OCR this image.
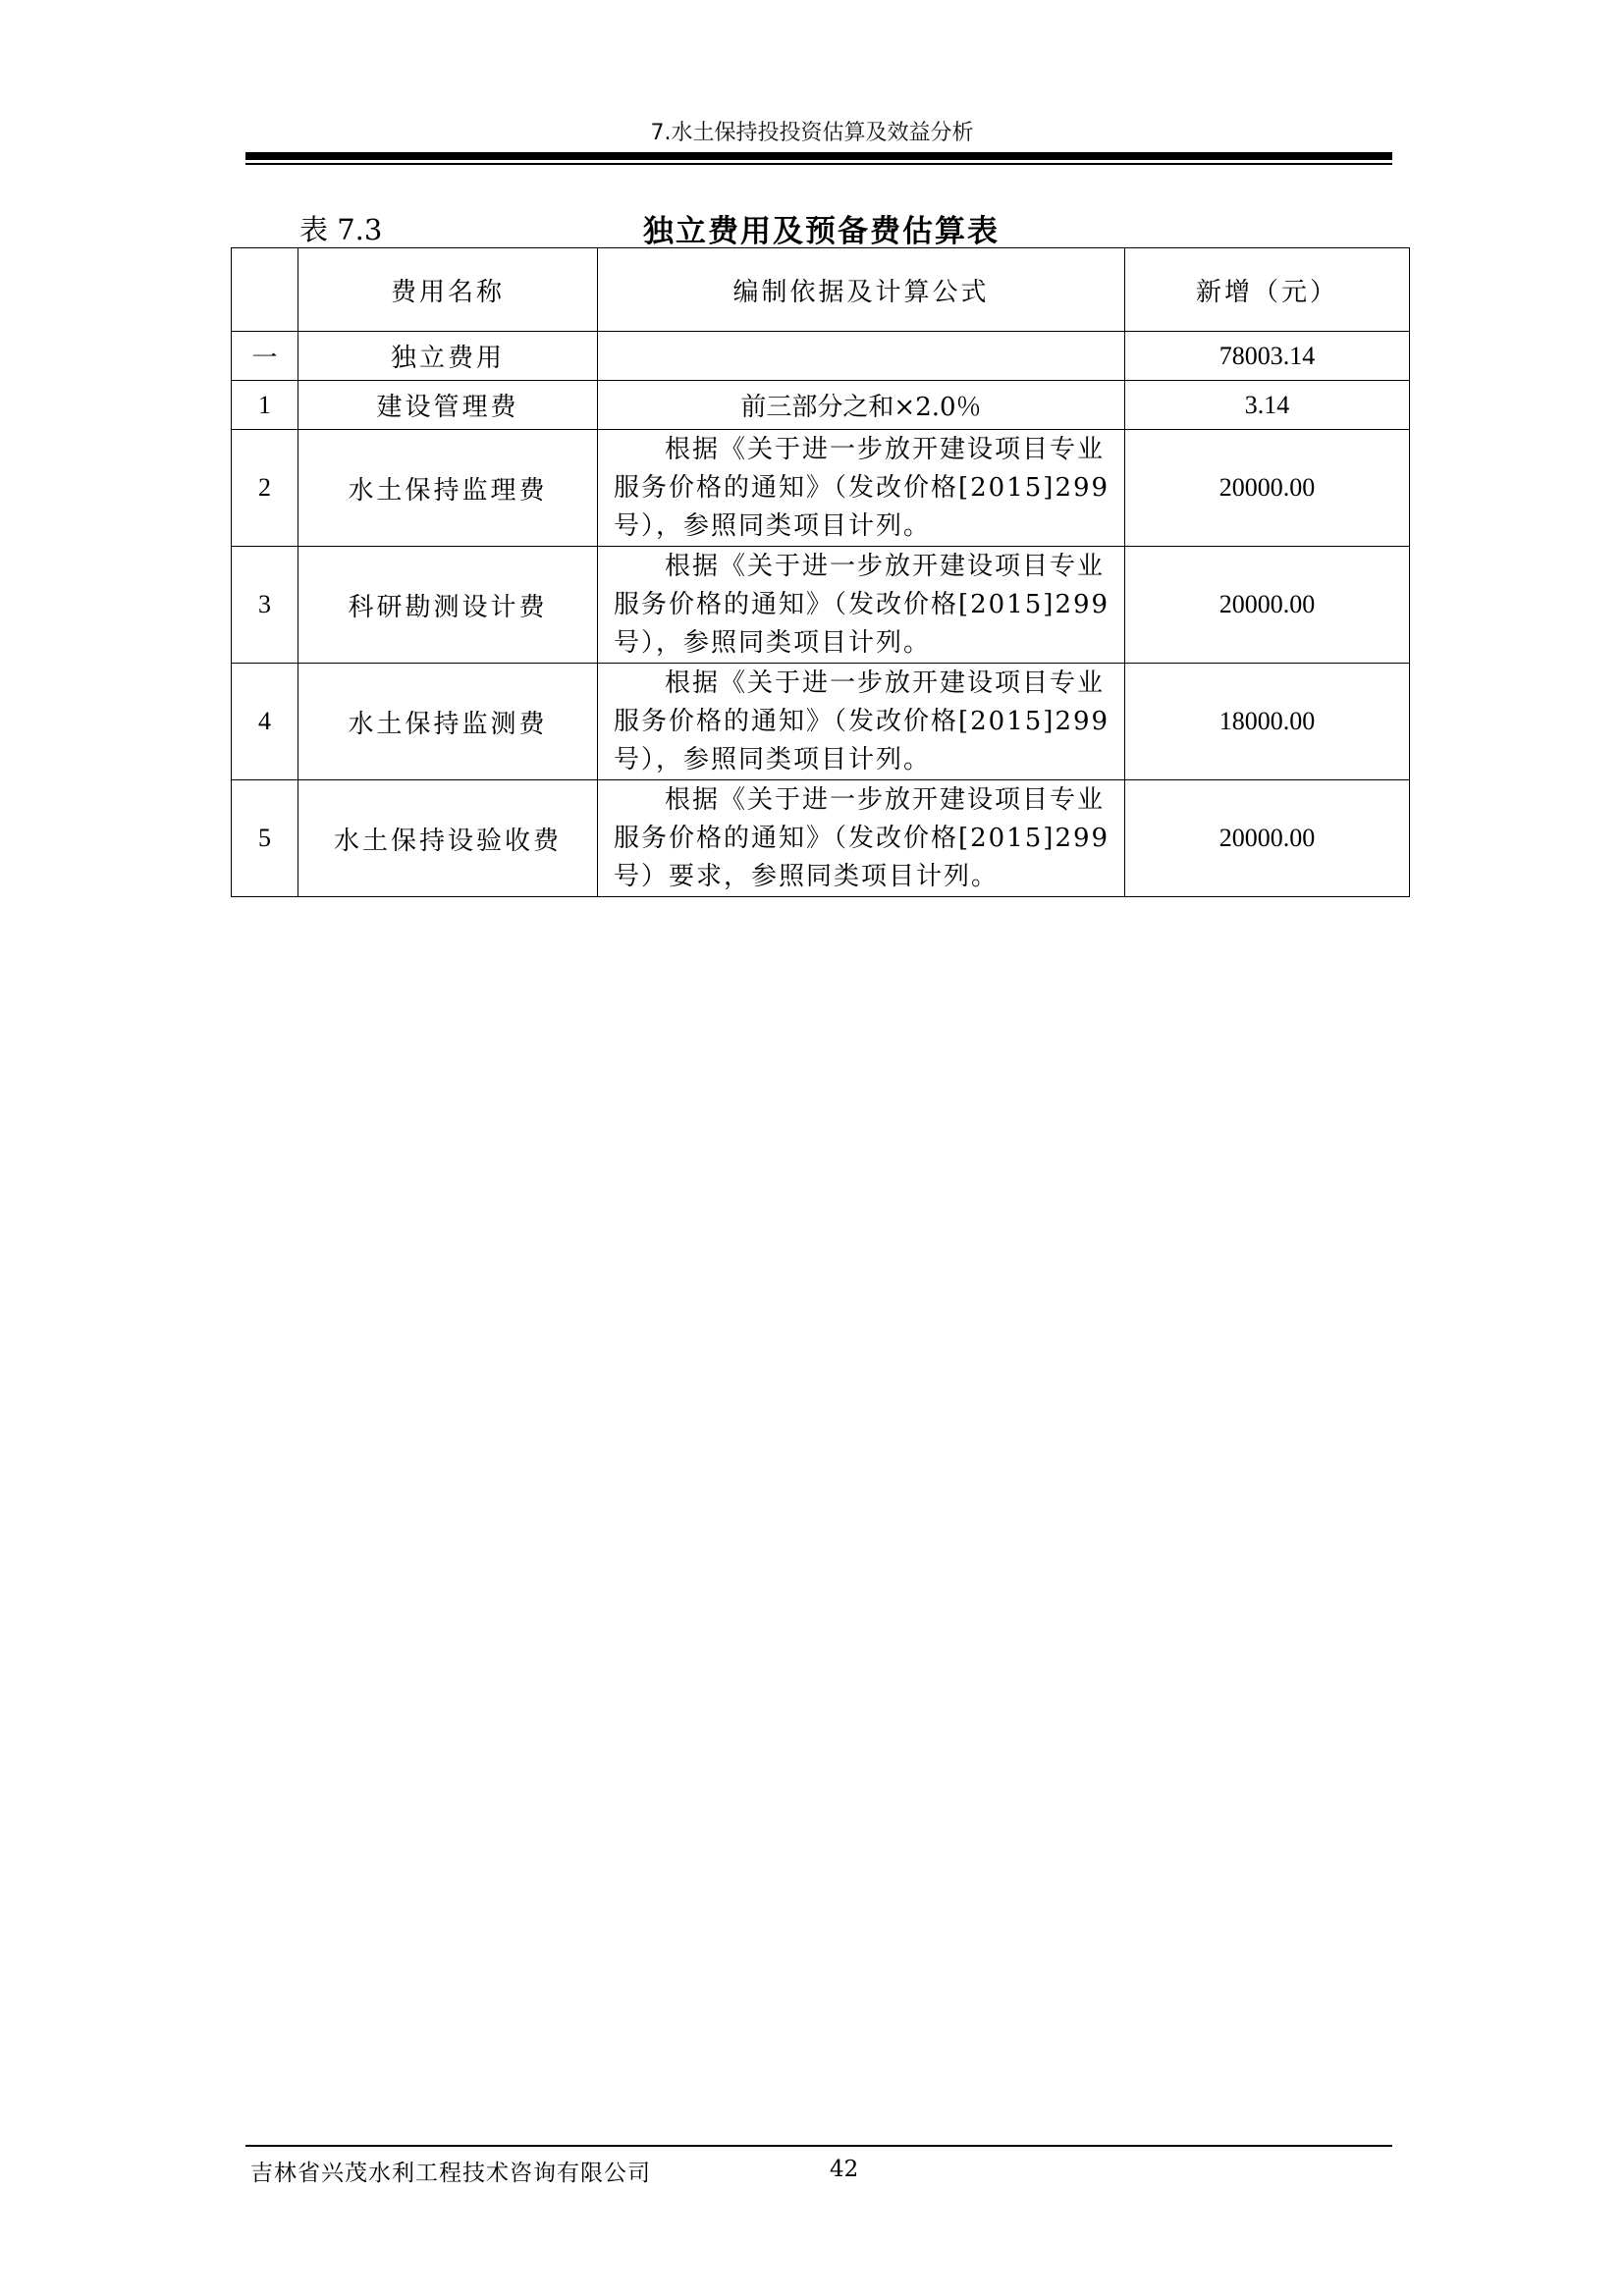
7.水土保持投投资估算及效益分析
表 7.3	独立费用及预备费估算表
	费用名称	编制依据及计算公式	新增（元）
一	独立费用		78003.14
1	建设管理费	前三部分之和×2.0％	3.14
2	水土保持监理费	根据《关于进一步放开建设项目专业服务价格的通知》（发改价格[2015]299号），参照同类项目计列。	20000.00
3	科研勘测设计费	根据《关于进一步放开建设项目专业服务价格的通知》（发改价格[2015]299号），参照同类项目计列。	20000.00
4	水土保持监测费	根据《关于进一步放开建设项目专业服务价格的通知》（发改价格[2015]299号），参照同类项目计列。	18000.00
5	水土保持设验收费	根据《关于进一步放开建设项目专业服务价格的通知》（发改价格[2015]299号）要求，参照同类项目计列。	20000.00
吉林省兴茂水利工程技术咨询有限公司	42
